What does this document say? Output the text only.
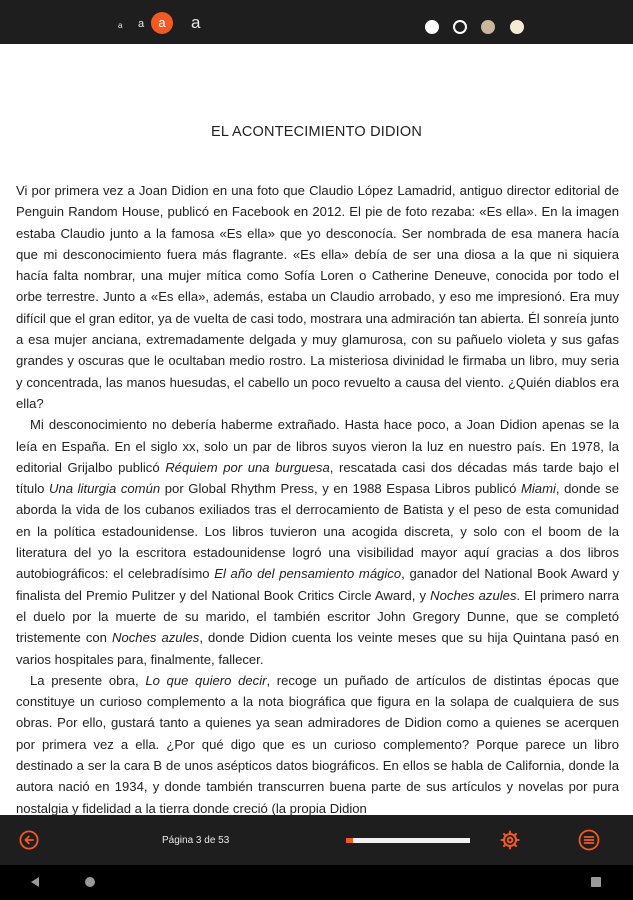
a a	a	a
EL ACONTECIMIENTO DIDION

Vi por primera vez a Joan Didion en una foto que Claudio López Lamadrid, antiguo director editorial de Penguin Random House, publicó en Facebook en 2012. El pie de foto rezaba: «Es ella». En la imagen estaba Claudio junto a la famosa «Es ella» que yo desconocía. Ser nombrada de esa manera hacía que mi desconocimiento fuera más flagrante. «Es ella» debía de ser una diosa a la que ni siquiera hacía falta nombrar, una mujer mítica como Sofía Loren o Catherine Deneuve, conocida por todo el orbe terrestre. Junto a «Es ella», además, estaba un Claudio arrobado, y eso me impresionó. Era muy difícil que el gran editor, ya de vuelta de casi todo, mostrara una admiración tan abierta. Él sonreía junto a esa mujer anciana, extremadamente delgada y muy glamurosa, con su pañuelo violeta y sus gafas grandes y oscuras que le ocultaban medio rostro. La misteriosa divinidad le firmaba un libro, muy seria y concentrada, las manos huesudas, el cabello un poco revuelto a causa del viento. ¿Quién diablos era ella?

Mi desconocimiento no debería haberme extrañado. Hasta hace poco, a Joan Didion apenas se la leía en España. En el siglo xx, solo un par de libros suyos vieron la luz en nuestro país. En 1978, la editorial Grijalbo publicó Réquiem por una burguesa, rescatada casi dos décadas más tarde bajo el título Una liturgia común por Global Rhythm Press, y en 1988 Espasa Libros publicó Miami, donde se aborda la vida de los cubanos exiliados tras el derrocamiento de Batista y el peso de esta comunidad en la política estadounidense. Los libros tuvieron una acogida discreta, y solo con el boom de la literatura del yo la escritora estadounidense logró una visibilidad mayor aquí gracias a dos libros autobiográficos: el celebradísimo El año del pensamiento mágico, ganador del National Book Award y finalista del Premio Pulitzer y del National Book Critics Circle Award, y Noches azules. El primero narra el duelo por la muerte de su marido, el también escritor John Gregory Dunne, que se completó tristemente con Noches azules, donde Didion cuenta los veinte meses que su hija Quintana pasó en varios hospitales para, finalmente, fallecer.

La presente obra, Lo que quiero decir, recoge un puñado de artículos de distintas épocas que constituye un curioso complemento a la nota biográfica que figura en la solapa de cualquiera de sus obras. Por ello, gustará tanto a quienes ya sean admiradores de Didion como a quienes se acerquen por primera vez a ella. ¿Por qué digo que es un curioso complemento? Porque parece un libro destinado a ser la cara B de unos asépticos datos biográficos. En ellos se habla de California, donde la autora nació en 1934, y donde también transcurren buena parte de sus artículos y novelas por pura nostalgia y fidelidad a la tierra donde creció (la propia Didion

Página 3 de 53
